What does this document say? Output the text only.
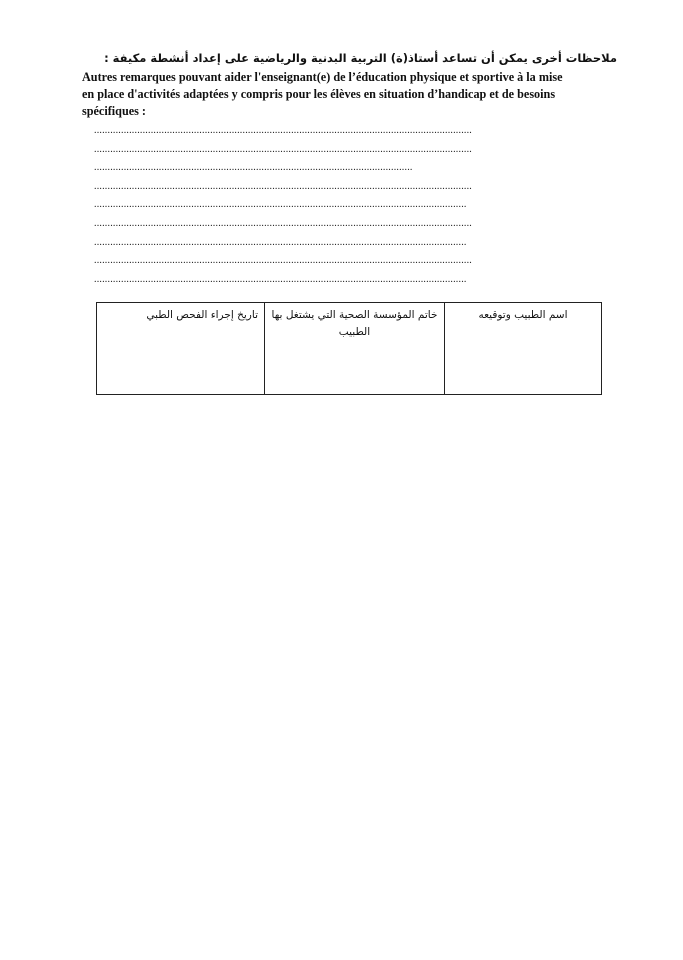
ملاحظات أخرى يمكن أن تساعد أستاذ(ة) التربية البدنية والرياضية على إعداد أنشطة مكيفة :
Autres remarques pouvant aider l'enseignant(e) de l’éducation physique et sportive à la mise
en place d'activités adaptées y compris pour les élèves en situation d’handicap et de besoins
spécifiques :
............................................................................................................................................
............................................................................................................................................
......................................................................................................................
............................................................................................................................................
..........................................................................................................................................
............................................................................................................................................
..........................................................................................................................................
............................................................................................................................................
..........................................................................................................................................
تاريخ إجراء الفحص الطبي	خاتم المؤسسة الصحية التي يشتغل بها الطبيب	اسم الطبيب وتوقيعه
